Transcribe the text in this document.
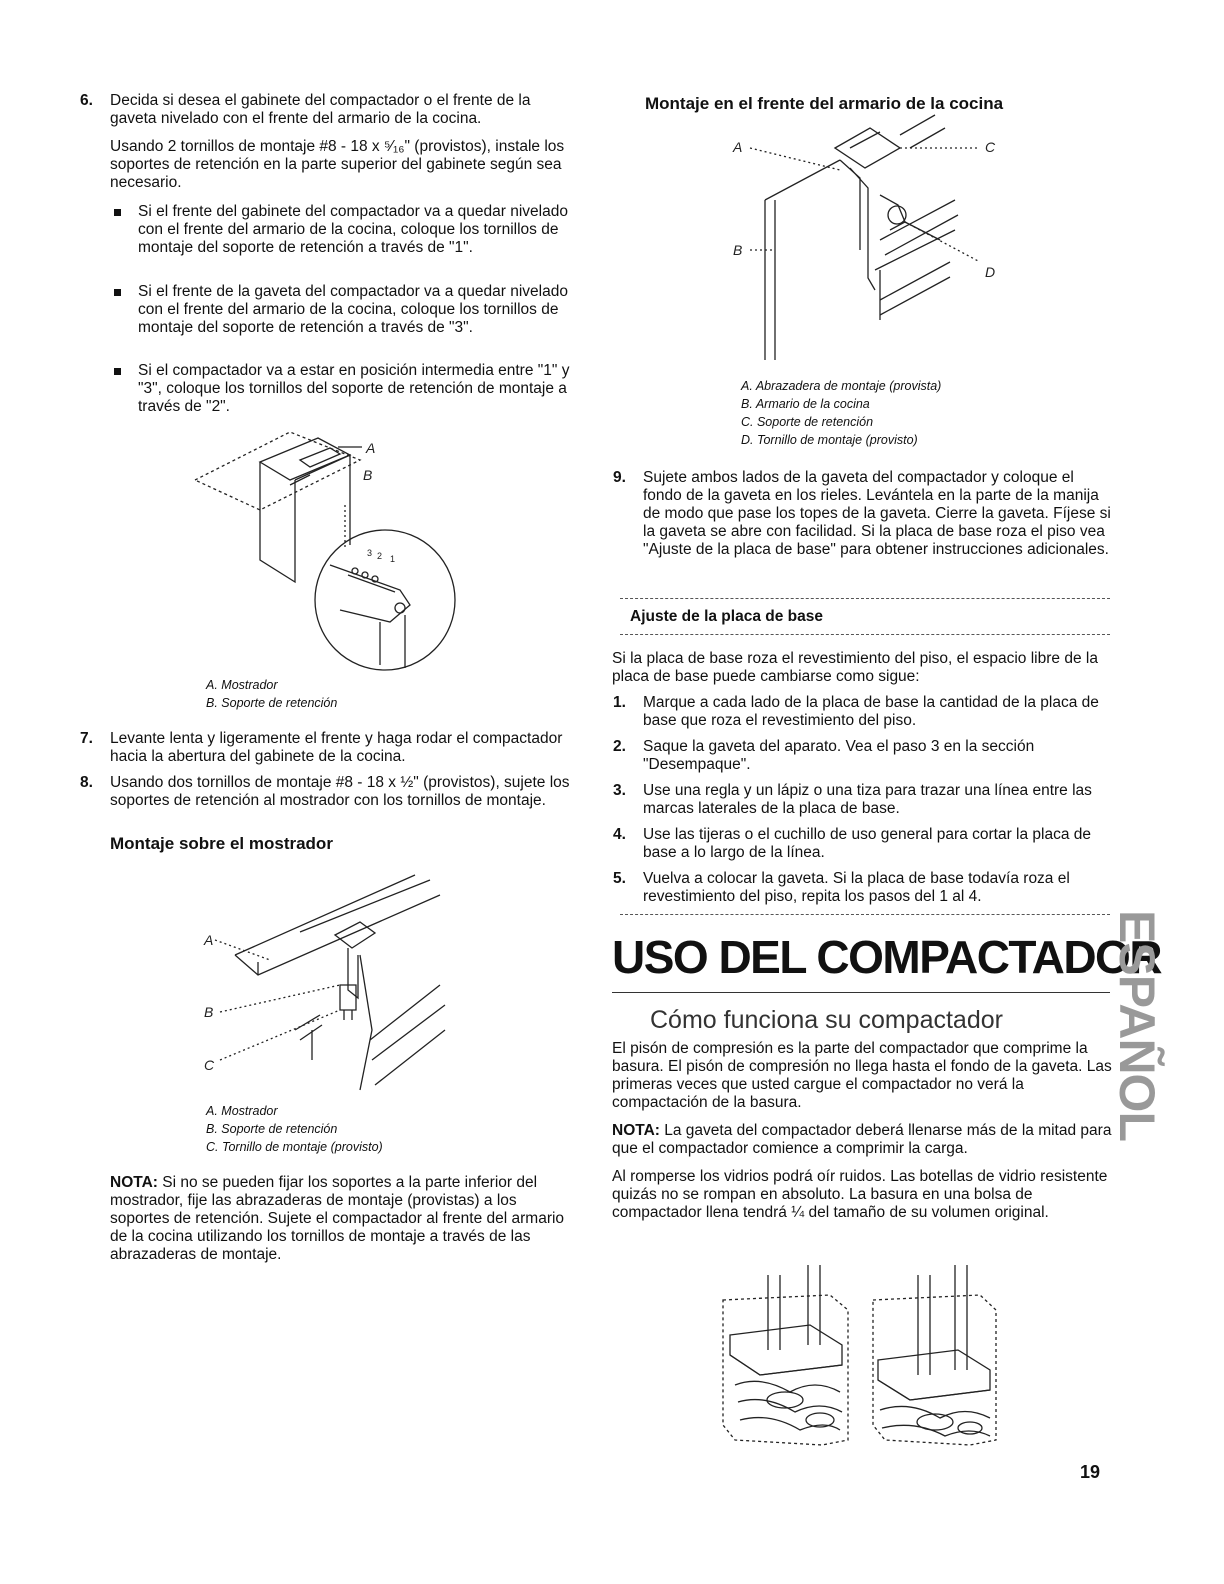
6. Decida si desea el gabinete del compactador o el frente de la gaveta nivelado con el frente del armario de la cocina.
Usando 2 tornillos de montaje #8 - 18 x ⁵⁄₁₆" (provistos), instale los soportes de retención en la parte superior del gabinete según sea necesario.
Si el frente del gabinete del compactador va a quedar nivelado con el frente del armario de la cocina, coloque los tornillos de montaje del soporte de retención a través de "1".
Si el frente de la gaveta del compactador va a quedar nivelado con el frente del armario de la cocina, coloque los tornillos de montaje del soporte de retención a través de "3".
Si el compactador va a estar en posición intermedia entre "1" y "3", coloque los tornillos del soporte de retención de montaje a través de "2".
A
B
3 2 1
A. Mostrador
B. Soporte de retención
7. Levante lenta y ligeramente el frente y haga rodar el compactador hacia la abertura del gabinete de la cocina.
8. Usando dos tornillos de montaje #8 - 18 x ½" (provistos), sujete los soportes de retención al mostrador con los tornillos de montaje.
Montaje sobre el mostrador
A
B
C
A. Mostrador
B. Soporte de retención
C. Tornillo de montaje (provisto)
NOTA: Si no se pueden fijar los soportes a la parte inferior del mostrador, fije las abrazaderas de montaje (provistas) a los soportes de retención. Sujete el compactador al frente del armario de la cocina utilizando los tornillos de montaje a través de las abrazaderas de montaje.
Montaje en el frente del armario de la cocina
A
B
C
D
A. Abrazadera de montaje (provista)
B. Armario de la cocina
C. Soporte de retención
D. Tornillo de montaje (provisto)
9. Sujete ambos lados de la gaveta del compactador y coloque el fondo de la gaveta en los rieles. Levántela en la parte de la manija de modo que pase los topes de la gaveta. Cierre la gaveta. Fíjese si la gaveta se abre con facilidad. Si la placa de base roza el piso vea "Ajuste de la placa de base" para obtener instrucciones adicionales.
Ajuste de la placa de base
Si la placa de base roza el revestimiento del piso, el espacio libre de la placa de base puede cambiarse como sigue:
1. Marque a cada lado de la placa de base la cantidad de la placa de base que roza el revestimiento del piso.
2. Saque la gaveta del aparato. Vea el paso 3 en la sección "Desempaque".
3. Use una regla y un lápiz o una tiza para trazar una línea entre las marcas laterales de la placa de base.
4. Use las tijeras o el cuchillo de uso general para cortar la placa de base a lo largo de la línea.
5. Vuelva a colocar la gaveta. Si la placa de base todavía roza el revestimiento del piso, repita los pasos del 1 al 4.
USO DEL COMPACTADOR
Cómo funciona su compactador
El pisón de compresión es la parte del compactador que comprime la basura. El pisón de compresión no llega hasta el fondo de la gaveta. Las primeras veces que usted cargue el compactador no verá la compactación de la basura.
NOTA: La gaveta del compactador deberá llenarse más de la mitad para que el compactador comience a comprimir la carga.
Al romperse los vidrios podrá oír ruidos. Las botellas de vidrio resistente quizás no se rompan en absoluto. La basura en una bolsa de compactador llena tendrá ¼ del tamaño de su volumen original.
ESPAÑOL
19
